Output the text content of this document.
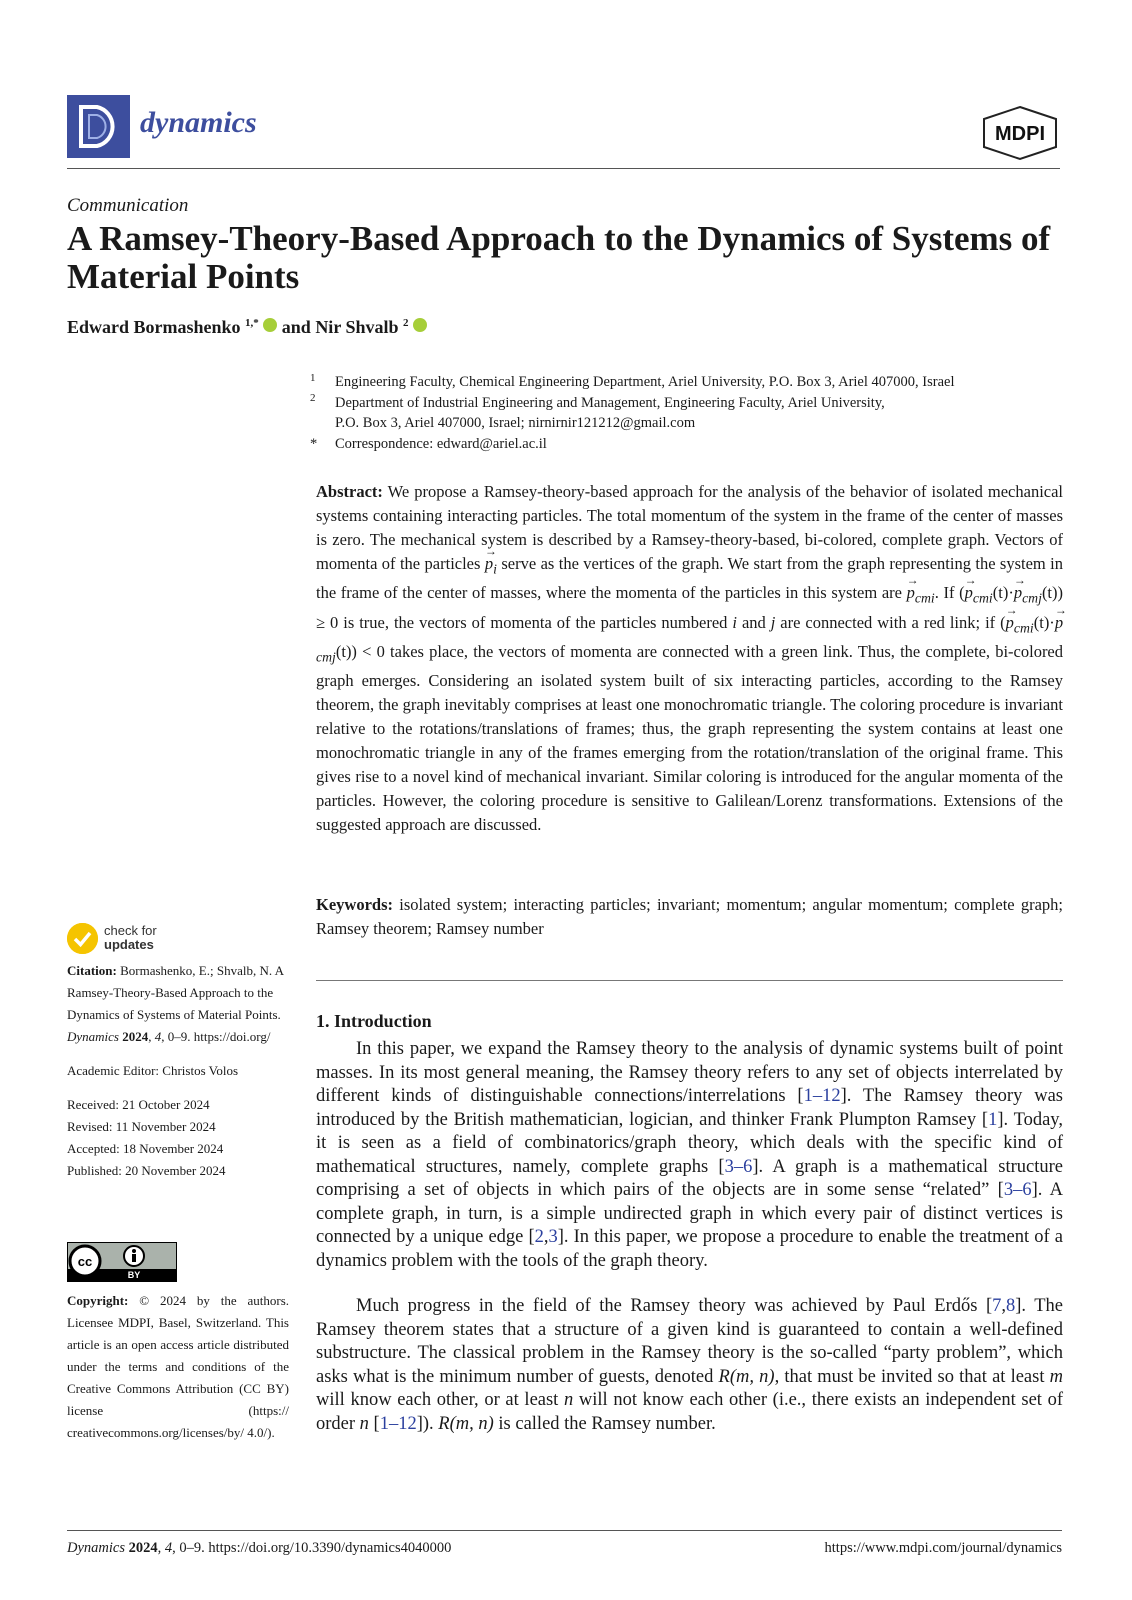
dynamics	MDPI
Communication
A Ramsey-Theory-Based Approach to the Dynamics of Systems of Material Points
Edward Bormashenko $^{1,*}$ and Nir Shvalb $^2$
1 Engineering Faculty, Chemical Engineering Department, Ariel University, P.O. Box 3, Ariel 407000, Israel
2 Department of Industrial Engineering and Management, Engineering Faculty, Ariel University,
P.O. Box 3, Ariel 407000, Israel; nirnirnir121212@gmail.com
* Correspondence: edward@ariel.ac.il

Abstract: We propose a Ramsey-theory-based approach for the analysis of the behavior of isolated mechanical systems containing interacting particles. The total momentum of the system in the frame of the center of masses is zero. The mechanical system is described by a Ramsey-theory-based, bi-colored, complete graph. Vectors of momenta of the particles → $p_i$ serve as the vertices of the graph. We start from the graph representing the system in the frame of the center of masses, where the momenta of the particles in this system are → $p_{cmi}$. If (→ $p_{cmi}(t)\cdot\to p_{cmj}(t)) \ge 0$ is true, the vectors of momenta of the particles numbered i and j are connected with a red link; if (→ $p_{cmi}(t)\cdot\to p_{cmj}(t)) < 0$ takes place, the vectors of momenta are connected with a green link. Thus, the complete, bi-colored graph emerges. Considering an isolated system built of six interacting particles, according to the Ramsey theorem, the graph inevitably comprises at least one monochromatic triangle. The coloring procedure is invariant relative to the rotations/translations of frames; thus, the graph representing the system contains at least one monochromatic triangle in any of the frames emerging from the rotation/translation of the original frame. This gives rise to a novel kind of mechanical invariant. Similar coloring is introduced for the angular momenta of the particles. However, the coloring procedure is sensitive to Galilean/Lorenz transformations. Extensions of the suggested approach are discussed.

Keywords: isolated system; interacting particles; invariant; momentum; angular momentum; complete graph; Ramsey theorem; Ramsey number

check for
updates
Citation: Bormashenko, E.; Shvalb, N. A Ramsey-Theory-Based Approach to the Dynamics of Systems of Material Points. Dynamics 2024, 4, 0–9. https://doi.org/
Academic Editor: Christos Volos
Received: 21 October 2024
Revised: 11 November 2024
Accepted: 18 November 2024
Published: 20 November 2024
cc
BY
Copyright: © 2024 by the authors. Licensee MDPI, Basel, Switzerland. This article is an open access article distributed under the terms and conditions of the Creative Commons Attribution (CC BY) license (https:// creativecommons.org/licenses/by/ 4.0/).
1. Introduction

In this paper, we expand the Ramsey theory to the analysis of dynamic systems built of point masses. In its most general meaning, the Ramsey theory refers to any set of objects interrelated by different kinds of distinguishable connections/interrelations [1–12]. The Ramsey theory was introduced by the British mathematician, logician, and thinker Frank Plumpton Ramsey [1]. Today, it is seen as a field of combinatorics/graph theory, which deals with the specific kind of mathematical structures, namely, complete graphs [3–6]. A graph is a mathematical structure comprising a set of objects in which pairs of the objects are in some sense “related” [3–6]. A complete graph, in turn, is a simple undirected graph in which every pair of distinct vertices is connected by a unique edge [2,3]. In this paper, we propose a procedure to enable the treatment of a dynamics problem with the tools of the graph theory.

Much progress in the field of the Ramsey theory was achieved by Paul Erdős [7,8]. The Ramsey theorem states that a structure of a given kind is guaranteed to contain a well-defined substructure. The classical problem in the Ramsey theory is the so-called “party problem”, which asks what is the minimum number of guests, denoted R(m, n), that must be invited so that at least m will know each other, or at least n will not know each other (i.e., there exists an independent set of order n [1–12]). R(m, n) is called the Ramsey number.

Dynamics 2024, 4, 0–9. https://doi.org/10.3390/dynamics4040000	https://www.mdpi.com/journal/dynamics
